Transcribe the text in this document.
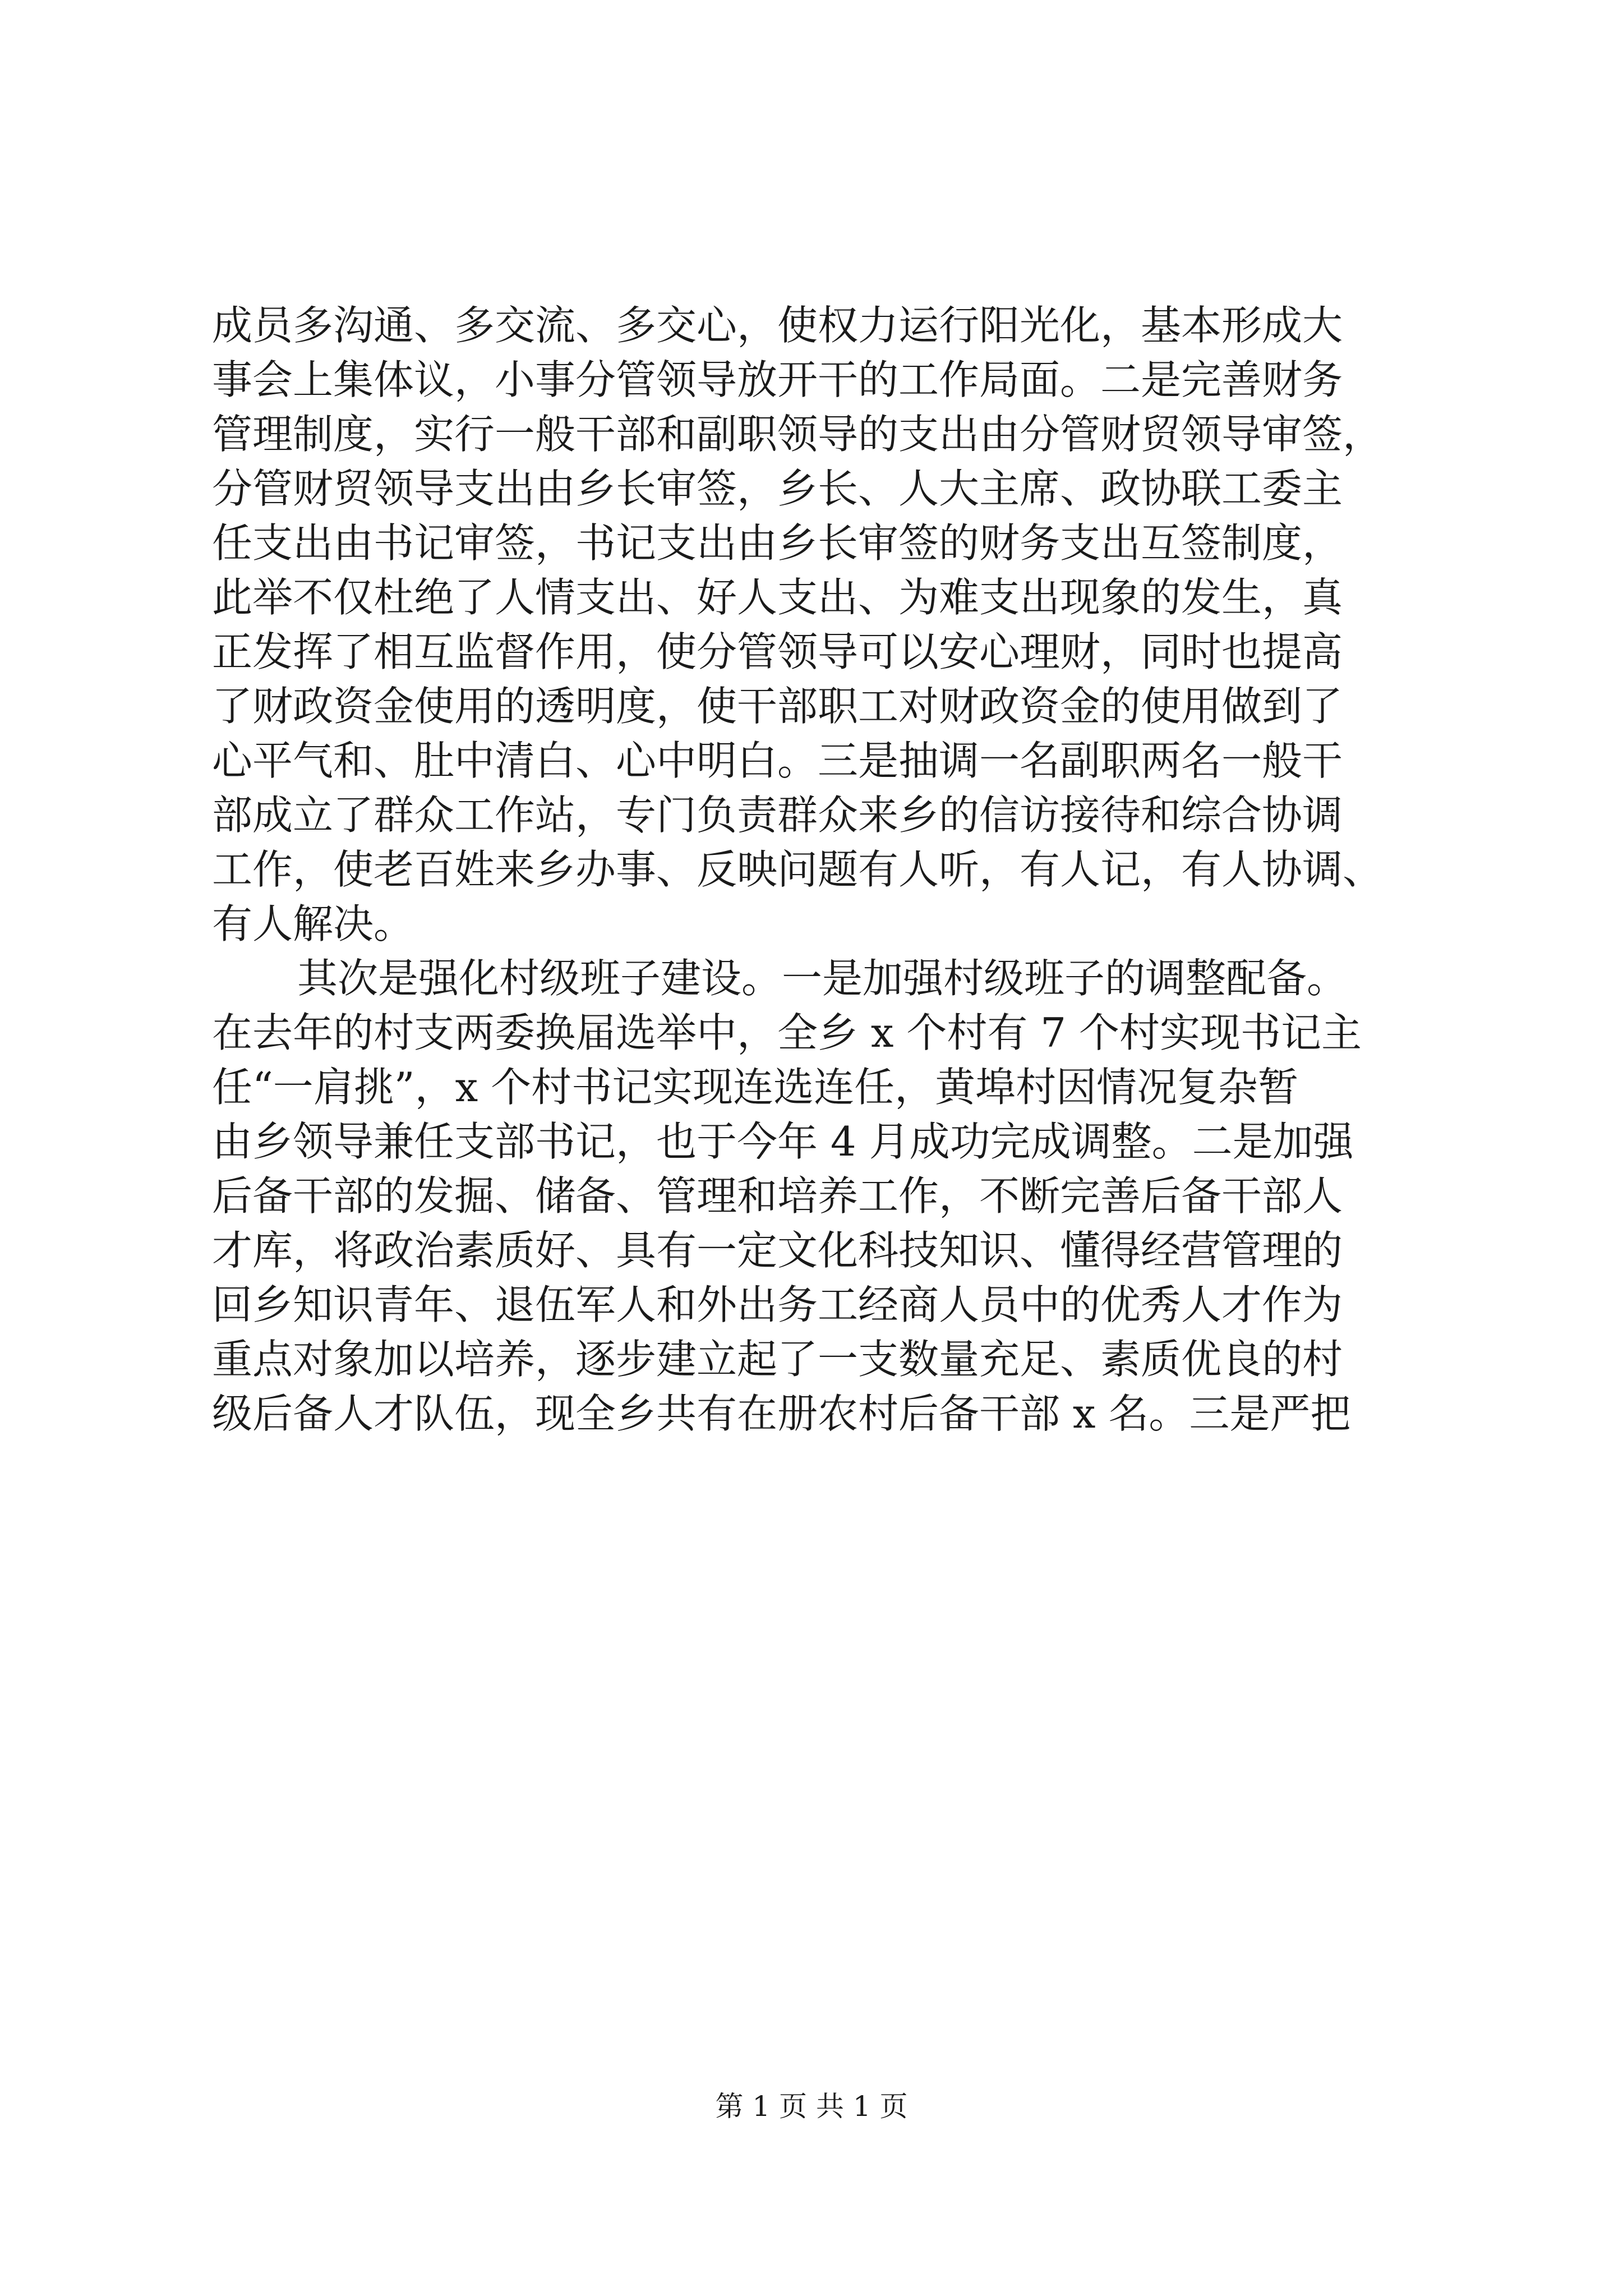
成员多沟通、多交流、多交心，使权力运行阳光化，基本形成大
事会上集体议，小事分管领导放开干的工作局面。二是完善财务
管理制度，实行一般干部和副职领导的支出由分管财贸领导审签，
分管财贸领导支出由乡长审签，乡长、人大主席、政协联工委主
任支出由书记审签，书记支出由乡长审签的财务支出互签制度，
此举不仅杜绝了人情支出、好人支出、为难支出现象的发生，真
正发挥了相互监督作用，使分管领导可以安心理财，同时也提高
了财政资金使用的透明度，使干部职工对财政资金的使用做到了
心平气和、肚中清白、心中明白。三是抽调一名副职两名一般干
部成立了群众工作站，专门负责群众来乡的信访接待和综合协调
工作，使老百姓来乡办事、反映问题有人听，有人记，有人协调、
有人解决。
其次是强化村级班子建设。一是加强村级班子的调整配备。
在去年的村支两委换届选举中，全乡 x 个村有 7 个村实现书记主
任“一肩挑”，x 个村书记实现连选连任，黄埠村因情况复杂暂
由乡领导兼任支部书记，也于今年 4 月成功完成调整。二是加强
后备干部的发掘、储备、管理和培养工作，不断完善后备干部人
才库，将政治素质好、具有一定文化科技知识、懂得经营管理的
回乡知识青年、退伍军人和外出务工经商人员中的优秀人才作为
重点对象加以培养，逐步建立起了一支数量充足、素质优良的村
级后备人才队伍，现全乡共有在册农村后备干部 x 名。三是严把
第 1 页 共 1 页
